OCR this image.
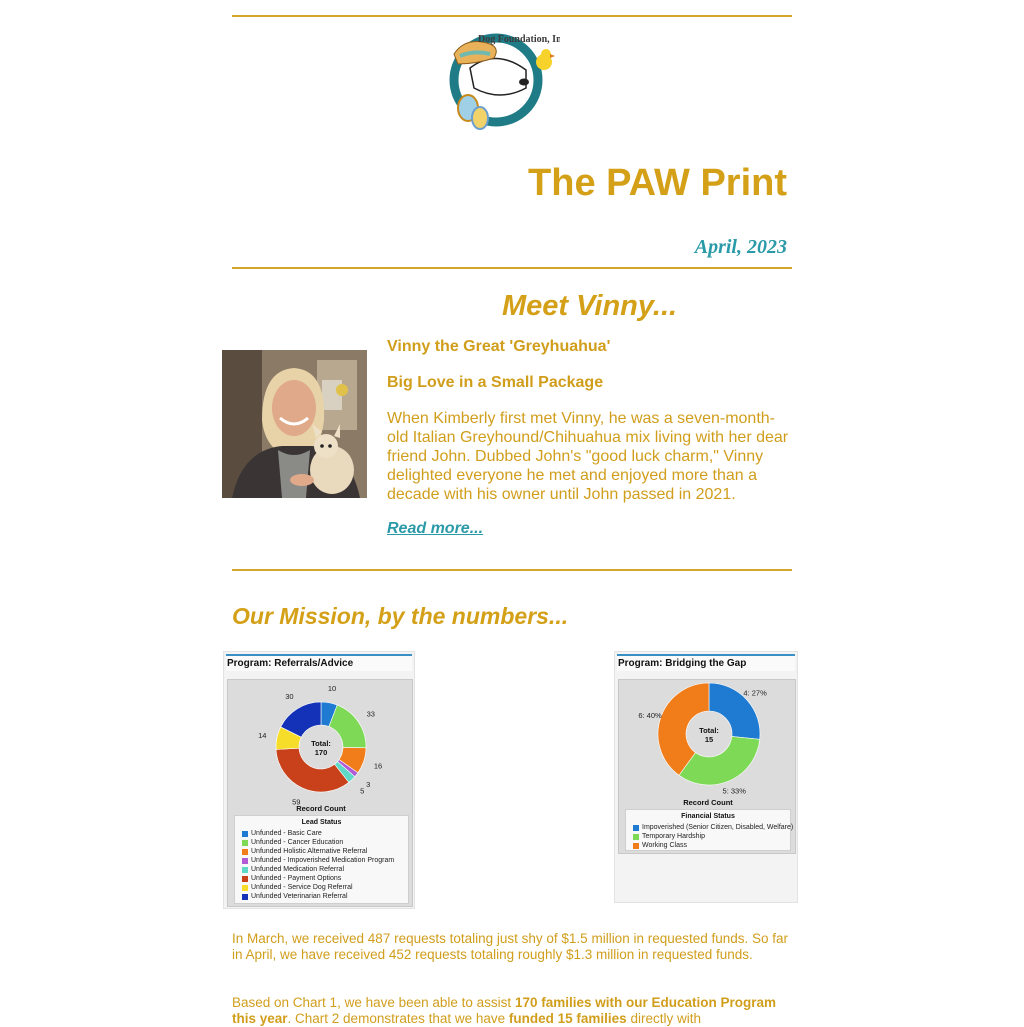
Dog Foundation, Inc
The PAW Print
April, 2023
Meet Vinny...
Vinny the Great 'Greyhuahua'
Big Love in a Small Package
When Kimberly first met Vinny, he was a seven-month-old Italian Greyhound/Chihuahua mix living with her dear friend John. Dubbed John's "good luck charm," Vinny delighted everyone he met and enjoyed more than a decade with his owner until John passed in 2021.
Read more...
Our Mission, by the numbers...
Program: Referrals/Advice
10
33
16
3
5
59
14
30
Total:
170
Record Count
Lead Status
Unfunded - Basic Care
Unfunded - Cancer Education
Unfunded Holistic Alternative Referral
Unfunded - Impoverished Medication Program
Unfunded Medication Referral
Unfunded - Payment Options
Unfunded - Service Dog Referral
Unfunded Veterinarian Referral
Program: Bridging the Gap
4: 27%
5: 33%
6: 40%
Total:
15
Record Count
Financial Status
Impoverished (Senior Citizen, Disabled, Welfare)
Temporary Hardship
Working Class
In March, we received 487 requests totaling just shy of $1.5 million in requested funds. So far in April, we have received 452 requests totaling roughly $1.3 million in requested funds.
Based on Chart 1, we have been able to assist 170 families with our Education Program this year. Chart 2 demonstrates that we have funded 15 families directly with
